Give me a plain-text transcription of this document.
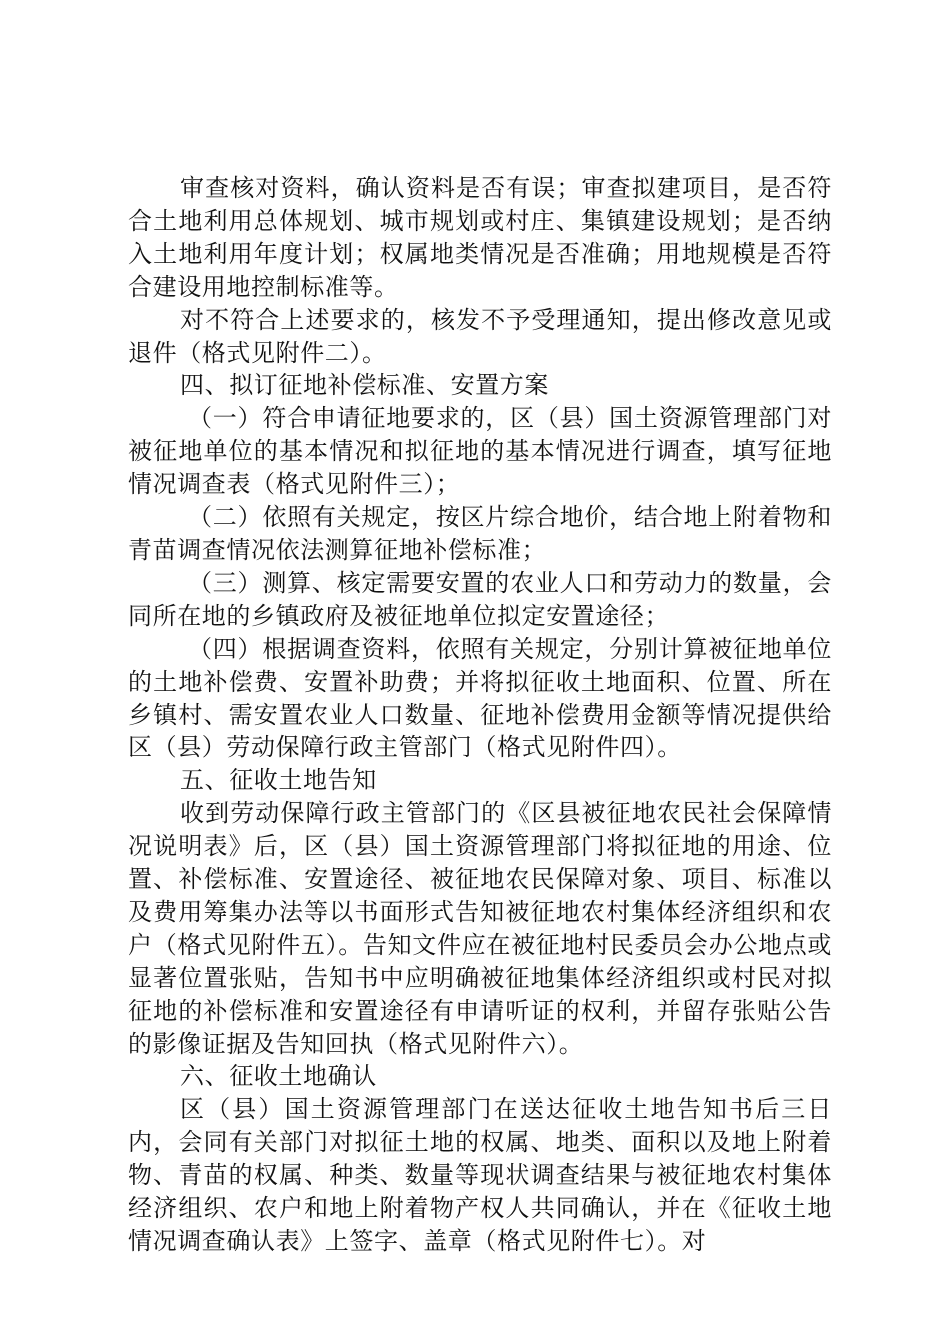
审查核对资料，确认资料是否有误；审查拟建项目，是否符合土地利用总体规划、城市规划或村庄、集镇建设规划；是否纳入土地利用年度计划；权属地类情况是否准确；用地规模是否符合建设用地控制标准等。

对不符合上述要求的，核发不予受理通知，提出修改意见或退件（格式见附件二）。

四、拟订征地补偿标准、安置方案

（一）符合申请征地要求的，区（县）国土资源管理部门对被征地单位的基本情况和拟征地的基本情况进行调查，填写征地情况调查表（格式见附件三）；

（二）依照有关规定，按区片综合地价，结合地上附着物和青苗调查情况依法测算征地补偿标准；

（三）测算、核定需要安置的农业人口和劳动力的数量，会同所在地的乡镇政府及被征地单位拟定安置途径；

（四）根据调查资料，依照有关规定，分别计算被征地单位的土地补偿费、安置补助费；并将拟征收土地面积、位置、所在乡镇村、需安置农业人口数量、征地补偿费用金额等情况提供给区（县）劳动保障行政主管部门（格式见附件四）。

五、征收土地告知

收到劳动保障行政主管部门的《区县被征地农民社会保障情况说明表》后，区（县）国土资源管理部门将拟征地的用途、位置、补偿标准、安置途径、被征地农民保障对象、项目、标准以及费用筹集办法等以书面形式告知被征地农村集体经济组织和农户（格式见附件五）。告知文件应在被征地村民委员会办公地点或显著位置张贴，告知书中应明确被征地集体经济组织或村民对拟征地的补偿标准和安置途径有申请听证的权利，并留存张贴公告的影像证据及告知回执（格式见附件六）。

六、征收土地确认

区（县）国土资源管理部门在送达征收土地告知书后三日内，会同有关部门对拟征土地的权属、地类、面积以及地上附着物、青苗的权属、种类、数量等现状调查结果与被征地农村集体经济组织、农户和地上附着物产权人共同确认，并在《征收土地情况调查确认表》上签字、盖章（格式见附件七）。对
